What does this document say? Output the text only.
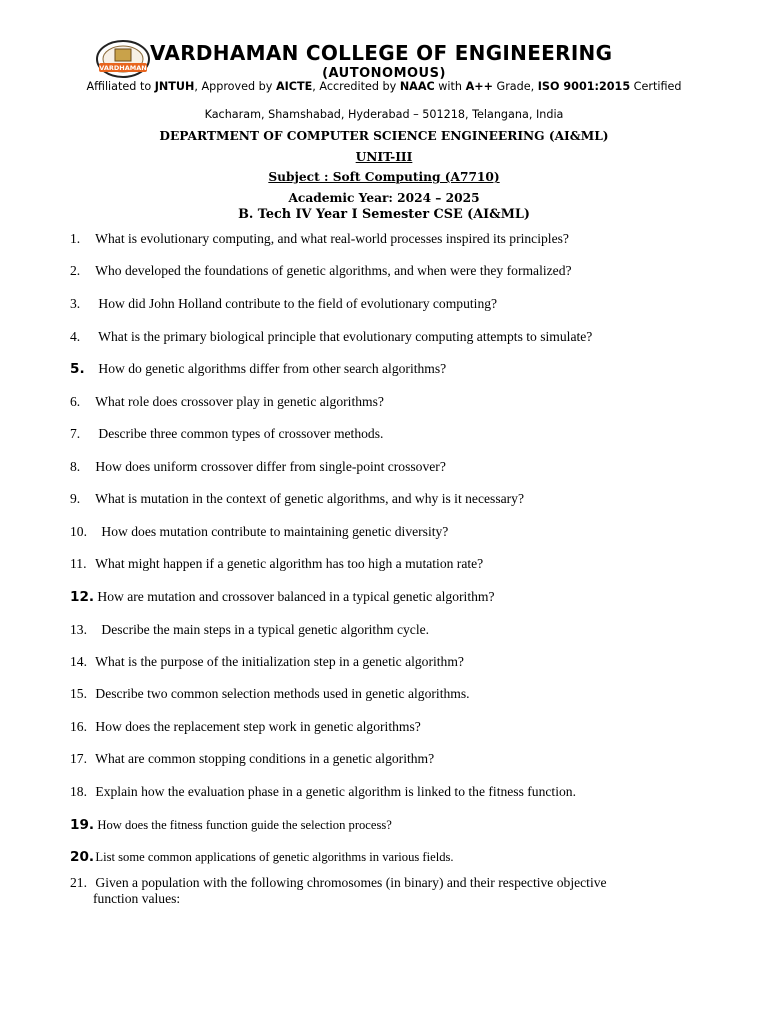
VARDHAMAN
VARDHAMAN COLLEGE OF ENGINEERING
(AUTONOMOUS)
Affiliated to JNTUH, Approved by AICTE, Accredited by NAAC with A++ Grade, ISO 9001:2015 Certified
Kacharam, Shamshabad, Hyderabad – 501218, Telangana, India
DEPARTMENT OF COMPUTER SCIENCE ENGINEERING (AI&ML)
UNIT-III
Subject : Soft Computing (A7710)
Academic Year: 2024 – 2025
B. Tech IV Year I Semester CSE (AI&ML)
1. What is evolutionary computing, and what real-world processes inspired its principles?
2. Who developed the foundations of genetic algorithms, and when were they formalized?
3. How did John Holland contribute to the field of evolutionary computing?
4. What is the primary biological principle that evolutionary computing attempts to simulate?
5. How do genetic algorithms differ from other search algorithms?
6. What role does crossover play in genetic algorithms?
7. Describe three common types of crossover methods.
8. How does uniform crossover differ from single-point crossover?
9. What is mutation in the context of genetic algorithms, and why is it necessary?
10. How does mutation contribute to maintaining genetic diversity?
11. What might happen if a genetic algorithm has too high a mutation rate?
12. How are mutation and crossover balanced in a typical genetic algorithm?
13. Describe the main steps in a typical genetic algorithm cycle.
14. What is the purpose of the initialization step in a genetic algorithm?
15. Describe two common selection methods used in genetic algorithms.
16. How does the replacement step work in genetic algorithms?
17. What are common stopping conditions in a genetic algorithm?
18. Explain how the evaluation phase in a genetic algorithm is linked to the fitness function.
19. How does the fitness function guide the selection process?
20. List some common applications of genetic algorithms in various fields.
21. Given a population with the following chromosomes (in binary) and their respective objective
function values:
